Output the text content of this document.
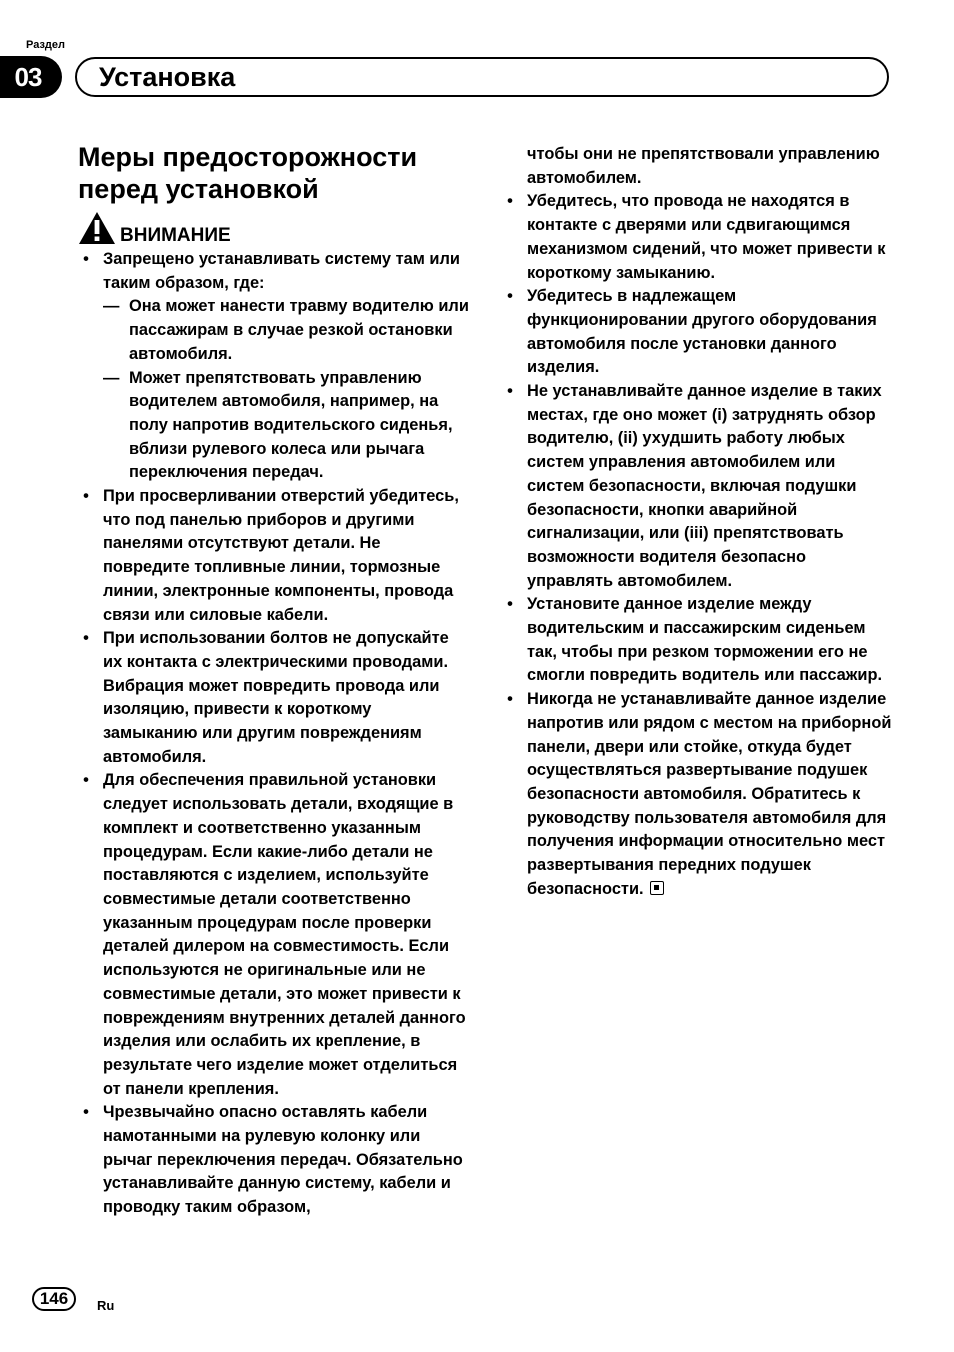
Раздел
03	Установка
Меры предосторожности перед установкой
ВНИМАНИЕ
• Запрещено устанавливать систему там или таким образом, где:
— Она может нанести травму водителю или пассажирам в случае резкой остановки автомобиля.
— Может препятствовать управлению водителем автомобиля, например, на полу напротив водительского сиденья, вблизи рулевого колеса или рычага переключения передач.
• При просверливании отверстий убедитесь, что под панелью приборов и другими панелями отсутствуют детали. Не повредите топливные линии, тормозные линии, электронные компоненты, провода связи или силовые кабели.
• При использовании болтов не допускайте их контакта с электрическими проводами. Вибрация может повредить провода или изоляцию, привести к короткому замыканию или другим повреждениям автомобиля.
• Для обеспечения правильной установки следует использовать детали, входящие в комплект и соответственно указанным процедурам. Если какие-либо детали не поставляются с изделием, используйте совместимые детали соответственно указанным процедурам после проверки деталей дилером на совместимость. Если используются не оригинальные или не совместимые детали, это может привести к повреждениям внутренних деталей данного изделия или ослабить их крепление, в результате чего изделие может отделиться от панели крепления.
• Чрезвычайно опасно оставлять кабели намотанными на рулевую колонку или рычаг переключения передач. Обязательно устанавливайте данную систему, кабели и проводку таким образом,
чтобы они не препятствовали управлению автомобилем.
• Убедитесь, что провода не находятся в контакте с дверями или сдвигающимся механизмом сидений, что может привести к короткому замыканию.
• Убедитесь в надлежащем функционировании другого оборудования автомобиля после установки данного изделия.
• Не устанавливайте данное изделие в таких местах, где оно может (i) затруднять обзор водителю, (ii) ухудшить работу любых систем управления автомобилем или систем безопасности, включая подушки безопасности, кнопки аварийной сигнализации, или (iii) препятствовать возможности водителя безопасно управлять автомобилем.
• Установите данное изделие между водительским и пассажирским сиденьем так, чтобы при резком торможении его не смогли повредить водитель или пассажир.
• Никогда не устанавливайте данное изделие напротив или рядом с местом на приборной панели, двери или стойке, откуда будет осуществляться развертывание подушек безопасности автомобиля. Обратитесь к руководству пользователя автомобиля для получения информации относительно мест развертывания передних подушек безопасности.
146	Ru
